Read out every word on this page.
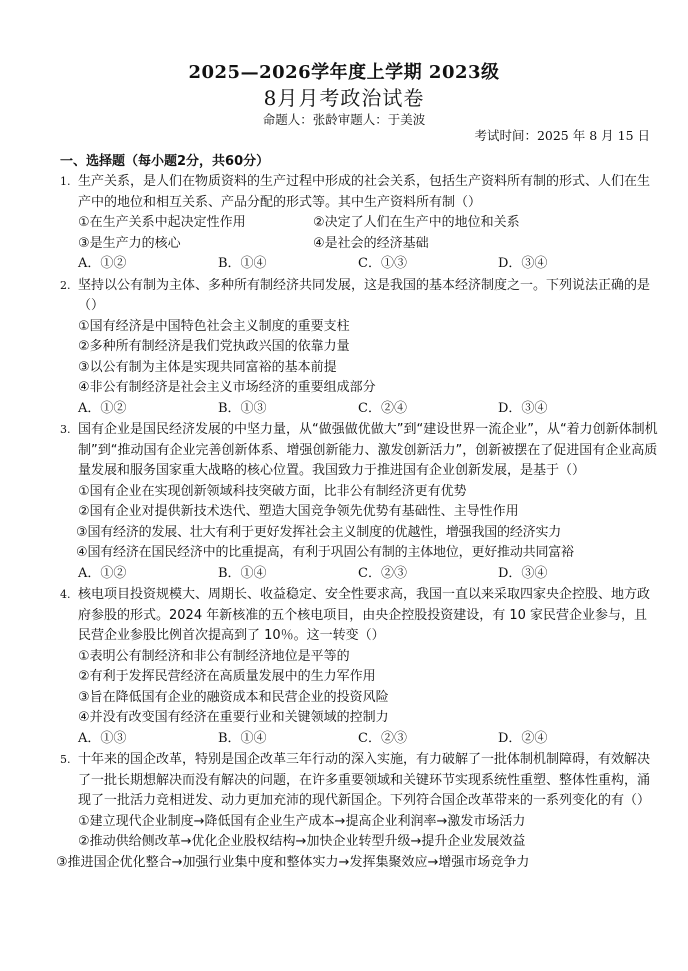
2025—2026学年度上学期 2023级
8月月考政治试卷
命题人：张龄审题人：于美波
考试时间：2025 年 8 月 15 日
一、选择题（每小题2分，共60分）
1. 生产关系，是人们在物质资料的生产过程中形成的社会关系，包括生产资料所有制的形式、人们在生产中的地位和相互关系、产品分配的形式等。其中生产资料所有制（）
①在生产关系中起决定性作用	②决定了人们在生产中的地位和关系
③是生产力的核心	④是社会的经济基础
A．①②	B．①④	C．①③	D．③④
2. 坚持以公有制为主体、多种所有制经济共同发展，这是我国的基本经济制度之一。下列说法正确的是（）
①国有经济是中国特色社会主义制度的重要支柱
②多种所有制经济是我们党执政兴国的依靠力量
③以公有制为主体是实现共同富裕的基本前提
④非公有制经济是社会主义市场经济的重要组成部分
A．①②	B．①③	C．②④	D．③④
3. 国有企业是国民经济发展的中坚力量，从“做强做优做大”到“建设世界一流企业”，从“着力创新体制机制”到“推动国有企业完善创新体系、增强创新能力、激发创新活力”，创新被摆在了促进国有企业高质量发展和服务国家重大战略的核心位置。我国致力于推进国有企业创新发展，是基于（）
①国有企业在实现创新领域科技突破方面，比非公有制经济更有优势
②国有企业对提供新技术迭代、塑造大国竞争领先优势有基础性、主导性作用
③国有经济的发展、壮大有利于更好发挥社会主义制度的优越性，增强我国的经济实力
④国有经济在国民经济中的比重提高，有利于巩固公有制的主体地位，更好推动共同富裕
A．①②	B．①④	C．②③	D．③④
4. 核电项目投资规模大、周期长、收益稳定、安全性要求高，我国一直以来采取四家央企控股、地方政府参股的形式。2024 年新核准的五个核电项目，由央企控股投资建设，有 10 家民营企业参与，且民营企业参股比例首次提高到了 10％。这一转变（）
①表明公有制经济和非公有制经济地位是平等的
②有利于发挥民营经济在高质量发展中的生力军作用
③旨在降低国有企业的融资成本和民营企业的投资风险
④并没有改变国有经济在重要行业和关键领域的控制力
A．①③	B．①④	C．②③	D．②④
5. 十年来的国企改革，特别是国企改革三年行动的深入实施，有力破解了一批体制机制障碍，有效解决了一批长期想解决而没有解决的问题，在许多重要领域和关键环节实现系统性重塑、整体性重构，涌现了一批活力竞相迸发、动力更加充沛的现代新国企。下列符合国企改革带来的一系列变化的有（）
①建立现代企业制度→降低国有企业生产成本→提高企业利润率→激发市场活力
②推动供给侧改革→优化企业股权结构→加快企业转型升级→提升企业发展效益
③推进国企优化整合→加强行业集中度和整体实力→发挥集聚效应→增强市场竞争力
